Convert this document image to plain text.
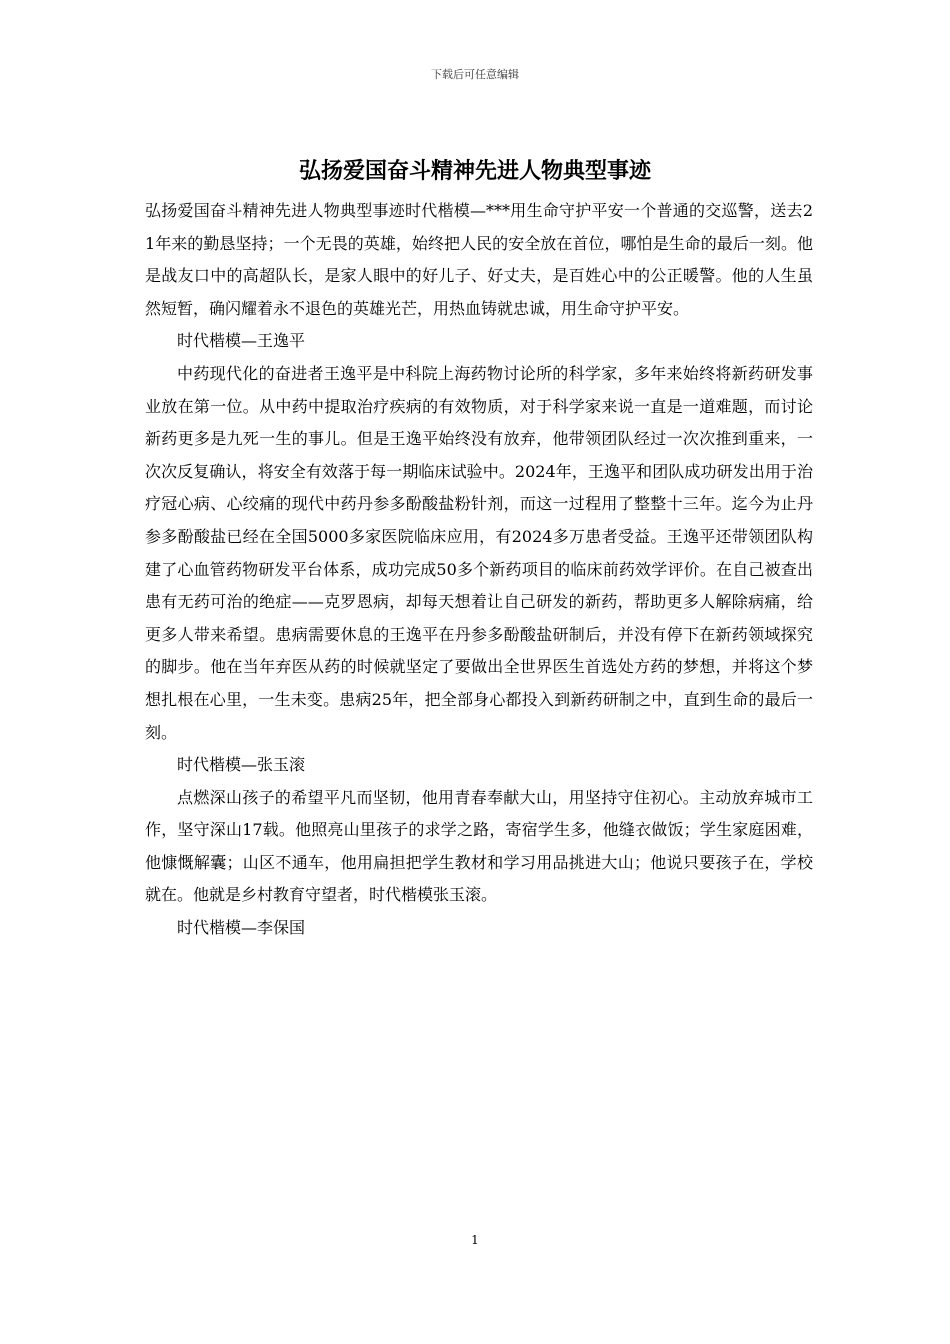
下载后可任意编辑
弘扬爱国奋斗精神先进人物典型事迹

弘扬爱国奋斗精神先进人物典型事迹时代楷模—***用生命守护平安一个普通的交巡警，送去21年来的勤恳坚持；一个无畏的英雄，始终把人民的安全放在首位，哪怕是生命的最后一刻。他是战友口中的高超队长，是家人眼中的好儿子、好丈夫，是百姓心中的公正暖警。他的人生虽然短暂，确闪耀着永不退色的英雄光芒，用热血铸就忠诚，用生命守护平安。

时代楷模—王逸平

中药现代化的奋进者王逸平是中科院上海药物讨论所的科学家，多年来始终将新药研发事业放在第一位。从中药中提取治疗疾病的有效物质，对于科学家来说一直是一道难题，而讨论新药更多是九死一生的事儿。但是王逸平始终没有放弃，他带领团队经过一次次推到重来，一次次反复确认，将安全有效落于每一期临床试验中。2024年，王逸平和团队成功研发出用于治疗冠心病、心绞痛的现代中药丹参多酚酸盐粉针剂，而这一过程用了整整十三年。迄今为止丹参多酚酸盐已经在全国5000多家医院临床应用，有2024多万患者受益。王逸平还带领团队构建了心血管药物研发平台体系，成功完成50多个新药项目的临床前药效学评价。在自己被查出患有无药可治的绝症——克罗恩病，却每天想着让自己研发的新药，帮助更多人解除病痛，给更多人带来希望。患病需要休息的王逸平在丹参多酚酸盐研制后，并没有停下在新药领域探究的脚步。他在当年弃医从药的时候就坚定了要做出全世界医生首选处方药的梦想，并将这个梦想扎根在心里，一生未变。患病25年，把全部身心都投入到新药研制之中，直到生命的最后一刻。

时代楷模—张玉滚

点燃深山孩子的希望平凡而坚韧，他用青春奉献大山，用坚持守住初心。主动放弃城市工作，坚守深山17载。他照亮山里孩子的求学之路，寄宿学生多，他缝衣做饭；学生家庭困难，他慷慨解囊；山区不通车，他用扁担把学生教材和学习用品挑进大山；他说只要孩子在，学校就在。他就是乡村教育守望者，时代楷模张玉滚。

时代楷模—李保国

1
